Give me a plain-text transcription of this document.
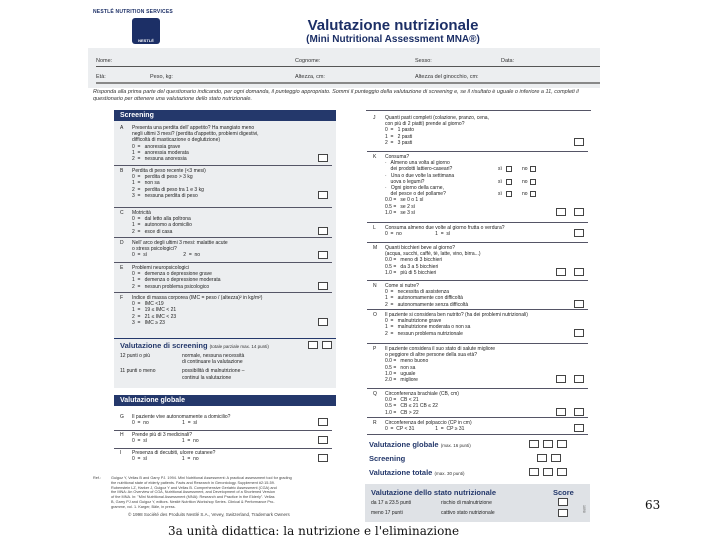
NESTLÉ NUTRITION SERVICES
NESTLÉ
Valutazione nutrizionale
(Mini Nutritional Assessment MNA®)
Nome:	Cognome:	Sesso:	Data:
Età:	Peso, kg:	Altezza, cm:	Altezza del ginocchio, cm:
Risponda alla prima parte del questionario indicando, per ogni domanda, il punteggio appropriato. Sommi il punteggio della valutazione di screening e, se il risultato è uguale o inferiore a 11, completi il questionario per ottenere una valutazione dello stato nutrizionale.
Screening
Valutazione di screening (totale parziale max. 14 punti)
12 punti o più	normale, nessuna necessità
di continuare la valutazione
11 punti o meno	possibilità di malnutrizione –
continui la valutazione
Valutazione globale
Ref.:	Guigoz Y, Vellas B and Garry PJ. 1994. Mini Nutritional Assessment: A practical assessment tool for grading
the nutritional state of elderly patients. Facts and Research in Gerontology. Supplement #2:15-59.
Rubenstein LZ, Harker J, Guigoz Y and Vellas B. Comprehensive Geriatric Assessment (CGA) and
the MNA: An Overview of CGA, Nutritional Assessment, and Development of a Shortened Version
of the MNA. In: "Mini Nutritional Assessment (MNA): Research and Practice in the Elderly". Vellas
B, Garry PJ and Guigoz Y, editors. Nestlé Nutrition Workshop Series. Clinical & Performance Pro-
gramme, vol. 1. Karger, Bâle, in press.
© 1998 Société des Produits Nestlé S.A., Vevey, Switzerland, Trademark Owners
Valutazione dello stato nutrizionale	Score
da 17 a 23.5 punti	rischio di malnutrizione
meno 17 punti	cattivo stato nutrizionale
1098
A	Presenta una perdita dell' appetito? Ha mangiato meno
negli ultimi 3 mesi? (perdita d'appetito, problemi digestivi,
difficoltà di masticazione o deglutizione)
0  =   anoressia grave
1  =   anoressia moderata
2  =   nessuna anoressia
B	Perdita di peso recente (<3 mesi)
0  =   perdita di peso > 3 kg
1  =   non sa
2  =   perdita di peso tra 1 e 3 kg
3  =   nessuna perdita di peso
C	Motricità
0  =   dal letto alla poltrona
1  =   autonomo a domicilio
2  =   esce di casa
D	Nell' arco degli ultimi 3 mesi: malattie acute
o stress psicologici?
0  =  sì                          2  =  no
E	Problemi neuropsicologici
0  =   demenza o depressione grave
1  =   demenza o depressione moderata
2  =   nessun problema psicologico
F	Indice di massa corporea (IMC = peso / (altezza)² in kg/m²)
0  =   IMC <19
1  =   19 ≤ IMC < 21
2  =   21 ≤ IMC < 23
3  =   IMC ≥ 23
G	Il paziente vive autonomamente a domicilio?
0  =  no                        1  =  sì
H	Prende più di 3 medicinali?
0  =  sì                         1  =  no
I	Presenza di decubiti, ulcere cutanee?
0  =  sì                         1  =  no
J	Quanti pasti completi (colazione, pranzo, cena,
con più di 2 piatti) prende al giorno?
0  =   1 pasto
1  =   2 pasti
2  =   3 pasti
K	Consuma?
·   Almeno una volta al giorno
dei prodotti lattiero-caseari?
·   Una o due volte la settimana
uova o legumi?
·   Ogni giorno della carne,
del pesce o del pollame?
0.0 =   se 0 o 1 sì
0.5 =   se 2 sì
1.0 =   se 3 sì
L	Consuma almeno due volte al giorno frutta o verdura?
0  =  no                        1  =  sì
M	Quanti bicchieri beve al giorno?
(acqua, succhi, caffè, tè, latte, vino, birra...)
0.0 =   meno di 3 bicchieri
0.5 =   da 3 a 5 bicchieri
1.0 =   più di 5 bicchieri
N	Come si nutre?
0  =   necessita di assistenza
1  =   autonomamente con difficoltà
2  =   autonomamente senza difficoltà
O	Il paziente si considera ben nutrito? (ha dei problemi nutrizionali)
0  =   malnutrizione grave
1  =   malnutrizione moderata o non sa
2  =   nessun problema nutrizionale
P	Il paziente considera il suo stato di salute migliore
o peggiore di altre persone della sua età?
0.0 =   meno buono
0.5 =   non sa
1.0 =   uguale
2.0 =   migliore
Q	Circonferenza brachiale (CB, cm)
0.0 =   CB < 21
0.5 =   CB ≤ 21 CB ≤ 22
1.0 =   CB > 22
R	Circonferenza del polpaccio (CP in cm)
0  =  CP < 31               1  =  CP ≥ 31
sì	no
sì	no
sì	no
Valutazione globale (max. 16 punti)
Screening
Valutazione totale (max. 30 punti)
3a unità didattica: la nutrizione e l'eliminazione
63
